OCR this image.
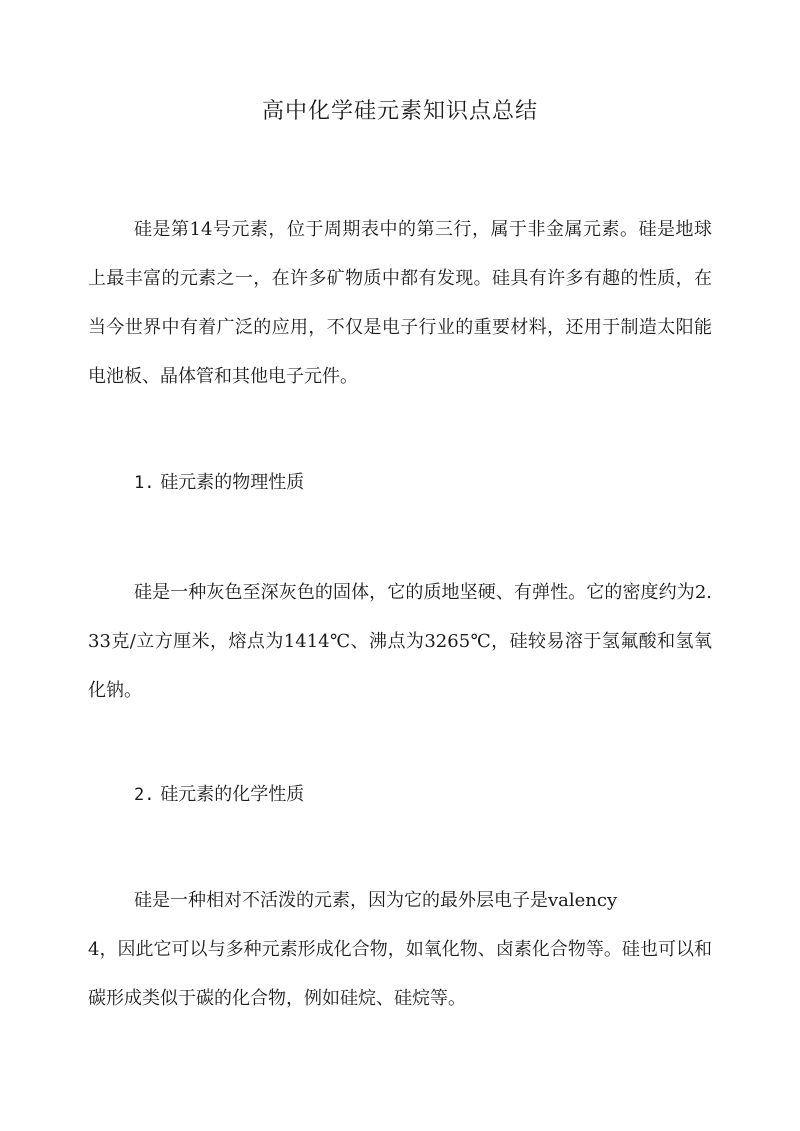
高中化学硅元素知识点总结

硅是第14号元素，位于周期表中的第三行，属于非金属元素。硅是地球上最丰富的元素之一，在许多矿物质中都有发现。硅具有许多有趣的性质，在当今世界中有着广泛的应用，不仅是电子行业的重要材料，还用于制造太阳能电池板、晶体管和其他电子元件。

1. 硅元素的物理性质

硅是一种灰色至深灰色的固体，它的质地坚硬、有弹性。它的密度约为2.33克/立方厘米，熔点为1414℃、沸点为3265℃，硅较易溶于氢氟酸和氢氧化钠。

2. 硅元素的化学性质
硅是一种相对不活泼的元素，因为它的最外层电子是valency
4，因此它可以与多种元素形成化合物，如氧化物、卤素化合物等。硅也可以和碳形成类似于碳的化合物，例如硅烷、硅烷等。
